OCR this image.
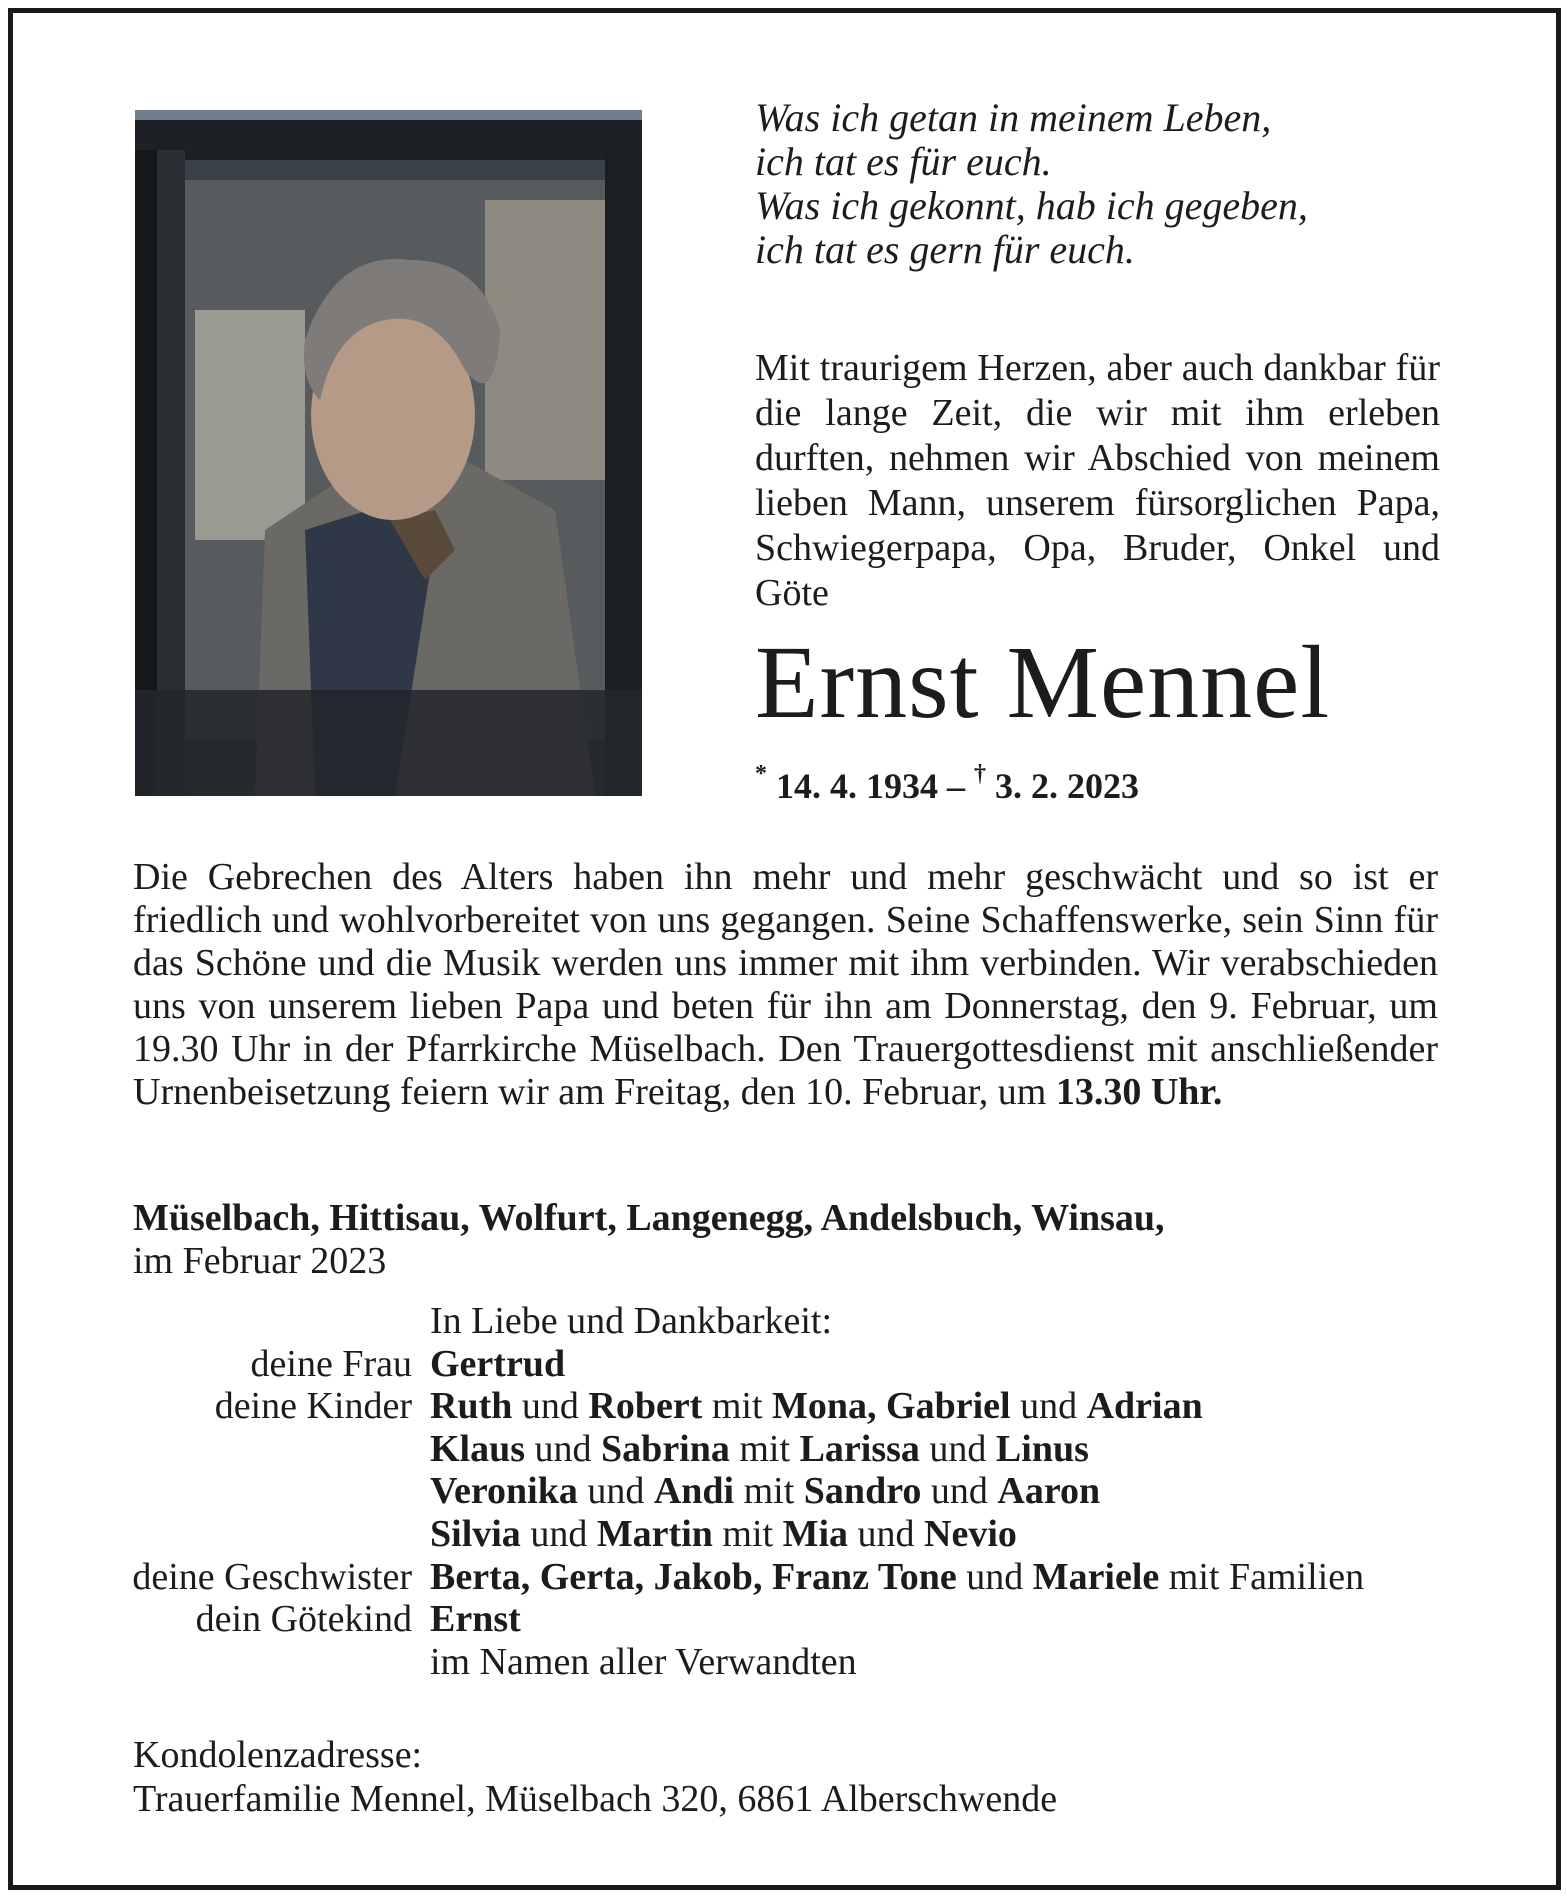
Was ich getan in meinem Leben,
ich tat es für euch.
Was ich gekonnt, hab ich gegeben,
ich tat es gern für euch.
Mit traurigem Herzen, aber auch dankbar für die lange Zeit, die wir mit ihm erleben durften, nehmen wir Abschied von meinem lieben Mann, unserem fürsorglichen Papa, Schwiegerpapa, Opa, Bruder, Onkel und Göte
Ernst Mennel
* 14. 4. 1934 – † 3. 2. 2023
Die Gebrechen des Alters haben ihn mehr und mehr geschwächt und so ist er friedlich und wohlvorbereitet von uns gegangen. Seine Schaffenswerke, sein Sinn für das Schöne und die Musik werden uns immer mit ihm verbinden. Wir verabschieden uns von unserem lieben Papa und beten für ihn am Donnerstag, den 9. Februar, um 19.30 Uhr in der Pfarrkirche Müselbach. Den Trauergottesdienst mit anschließender Urnenbeisetzung feiern wir am Freitag, den 10. Februar, um 13.30 Uhr.
Müselbach, Hittisau, Wolfurt, Langenegg, Andelsbuch, Winsau,
im Februar 2023
In Liebe und Dankbarkeit:
deine Frau Gertrud
deine Kinder Ruth und Robert mit Mona, Gabriel und Adrian
Klaus und Sabrina mit Larissa und Linus
Veronika und Andi mit Sandro und Aaron
Silvia und Martin mit Mia und Nevio
deine Geschwister Berta, Gerta, Jakob, Franz Tone und Mariele mit Familien
dein Götekind Ernst
im Namen aller Verwandten
Kondolenzadresse:
Trauerfamilie Mennel, Müselbach 320, 6861 Alberschwende
